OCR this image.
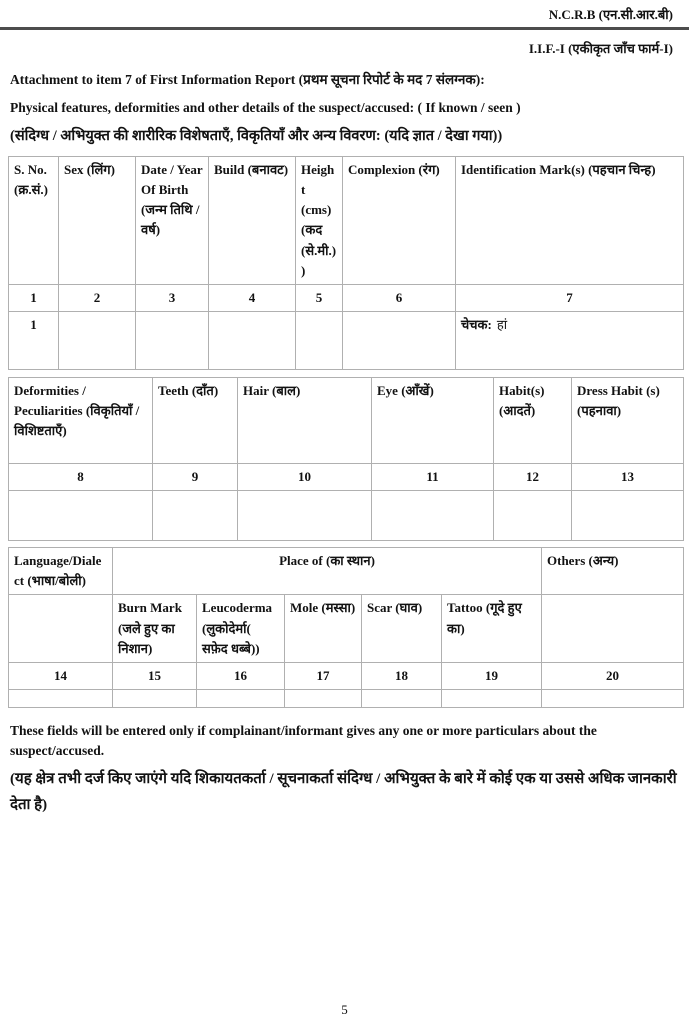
N.C.R.B (एन.सी.आर.बी)
I.I.F.-I (एकीकृत जाँच फार्म-I)

Attachment to item 7 of First Information Report (प्रथम सूचना रिपोर्ट के मद 7 संलग्नक):

Physical features, deformities and other details of the suspect/accused: ( If known / seen )

(संदिग्ध / अभियुक्त की शारीरिक विशेषताएँ, विकृतियाँ और अन्य विवरण: (यदि ज्ञात / देखा गया))

S. No. (क्र.सं.)	Sex (लिंग)	Date / Year Of Birth (जन्म तिथि / वर्ष)	Build (बनावट)	Height (cms) (कद (से.मी.) )	Complexion (रंग)	Identification Mark(s) (पहचान चिन्ह)
1	2	3	4	5	6	7
1						चेचक: हां
Deformities / Peculiarities (विकृतियाँ / विशिष्टताएँ)	Teeth (दाँत)	Hair (बाल)	Eye (आँखें)	Habit(s) (आदतें)	Dress Habit (s) (पहनावा)
8	9	10	11	12	13

Language/Dialect (भाषा/बोली)	Place of (का स्थान)					Others (अन्य)
	Burn Mark (जले हुए का निशान)	Leucoderma (लुकोदेर्मा( सफ़ेद धब्बे))	Mole (मस्सा)	Scar (घाव)	Tattoo (गूदे हुए का)	
14	15	16	17	18	19	20

These fields will be entered only if complainant/informant gives any one or more particulars about the suspect/accused.

(यह क्षेत्र तभी दर्ज किए जाएंगे यदि शिकायतकर्ता / सूचनाकर्ता संदिग्ध / अभियुक्त के बारे में कोई एक या उससे अधिक जानकारी देता है)

5
